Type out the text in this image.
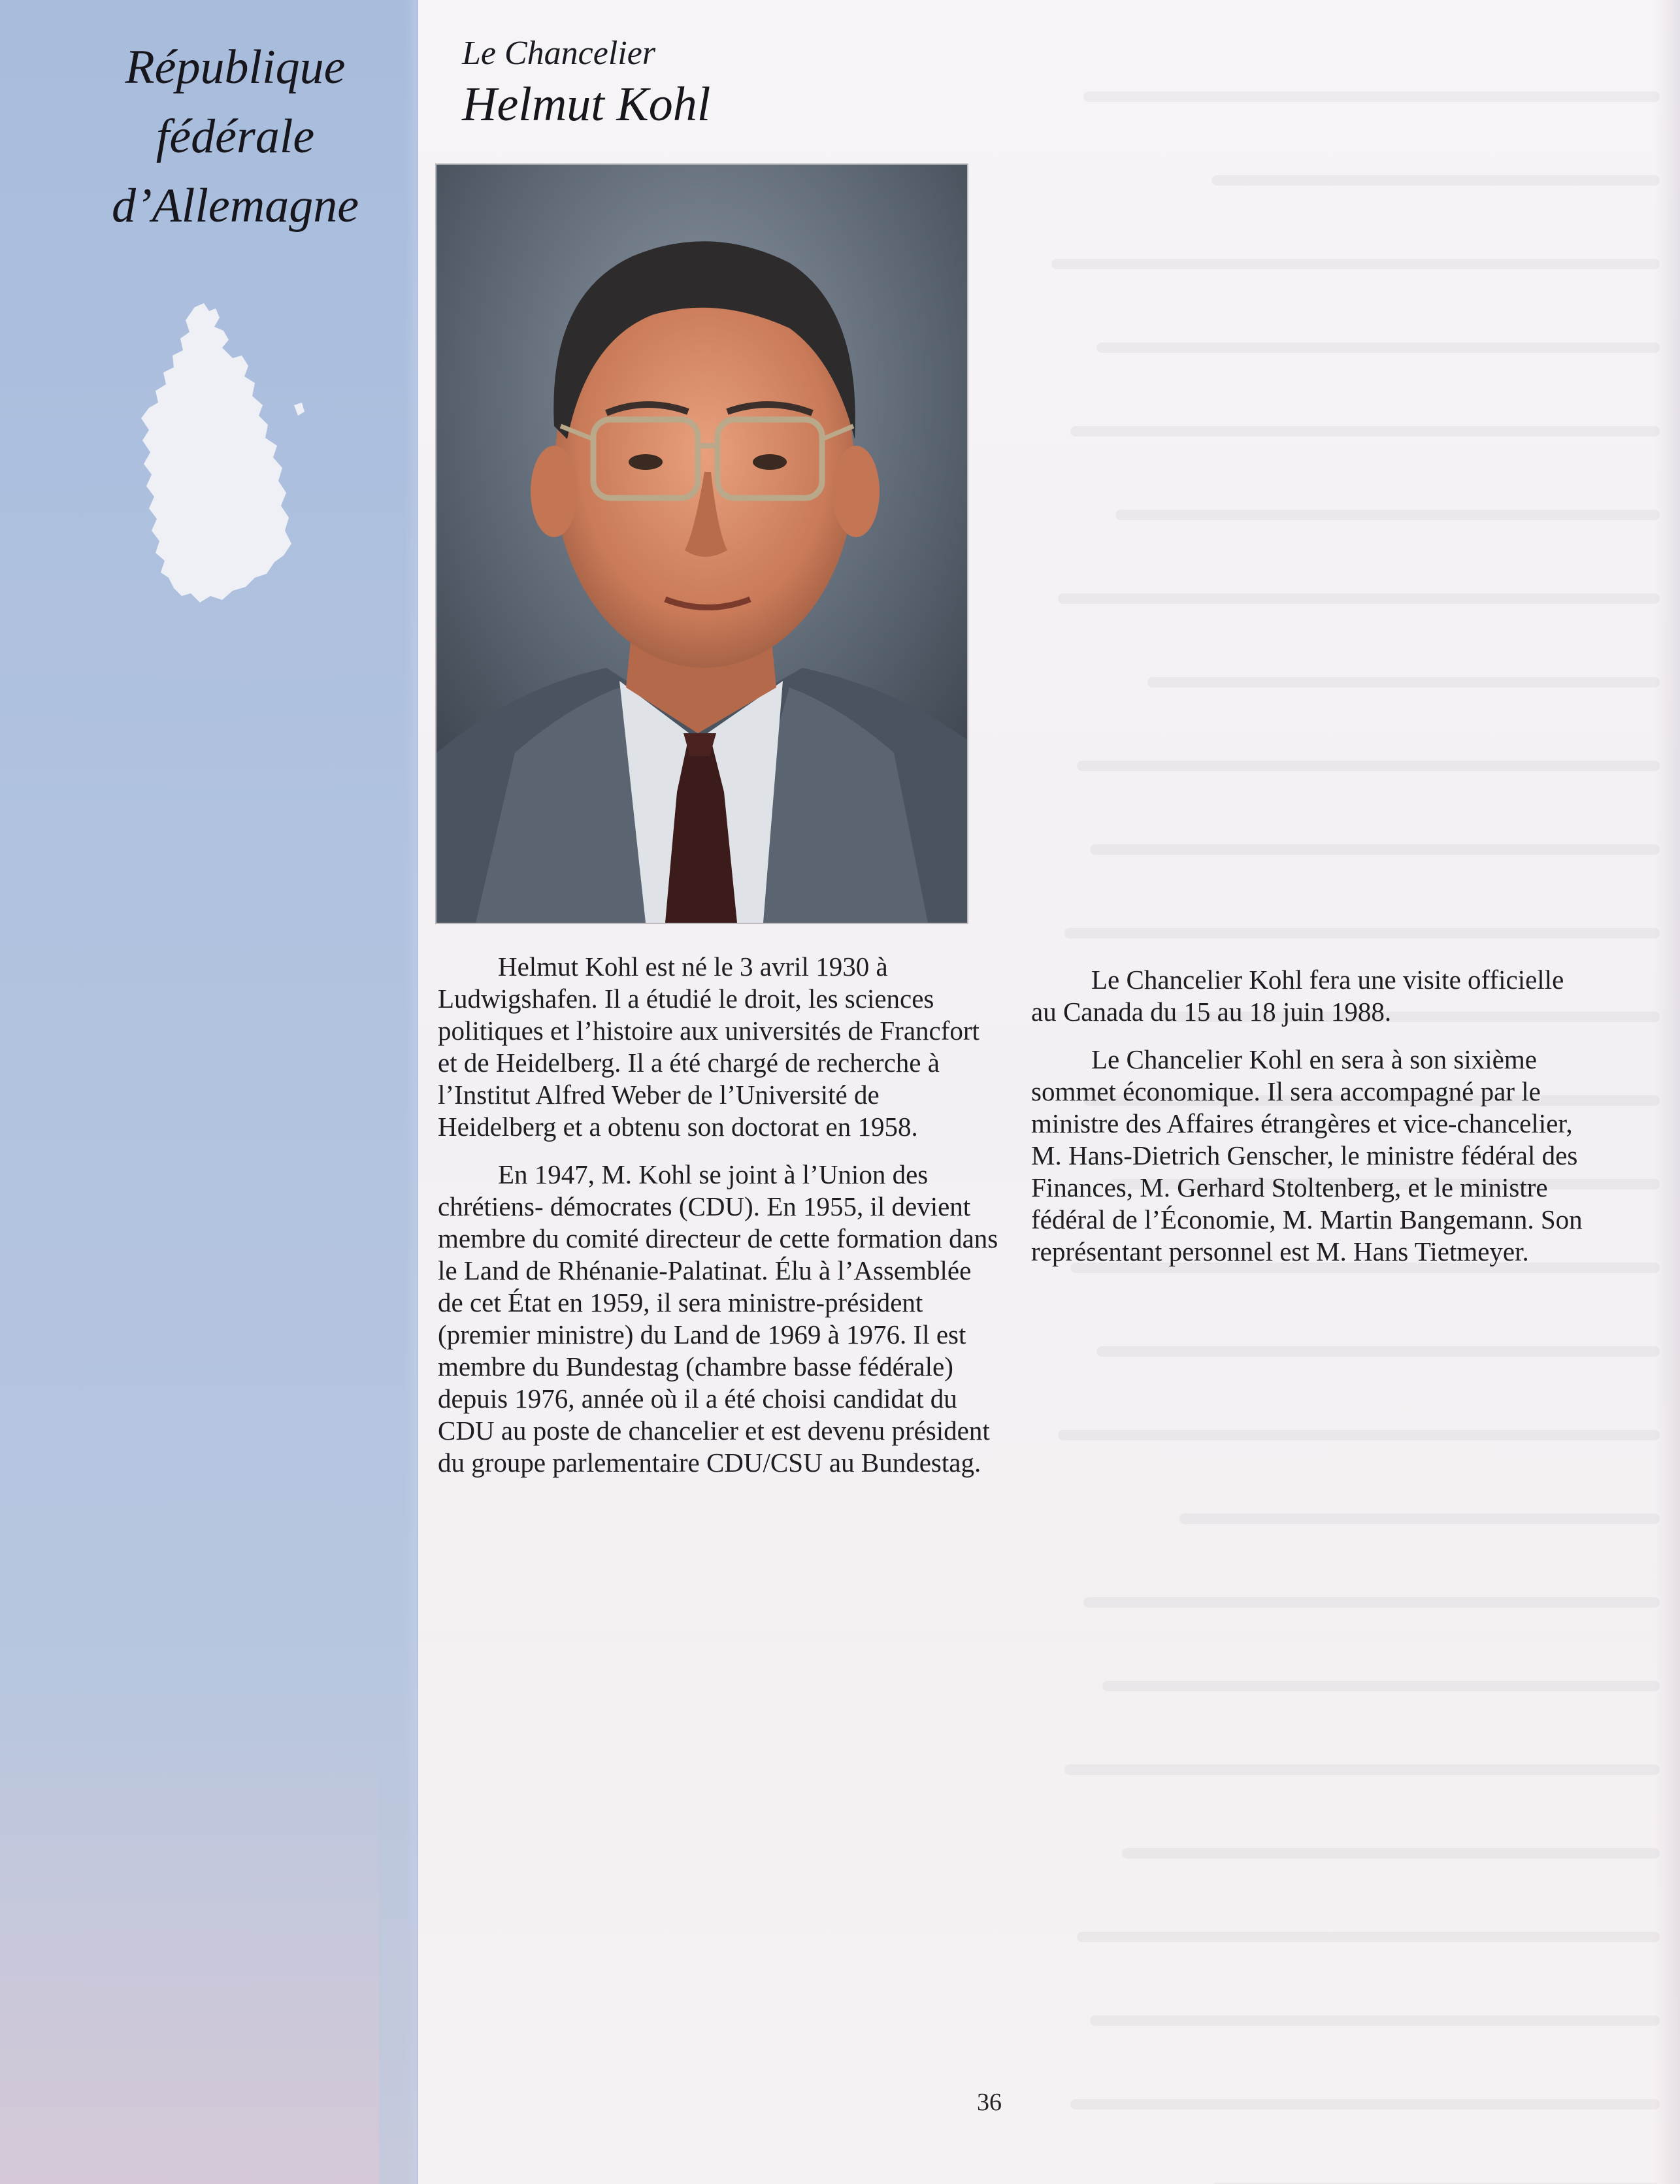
République
fédérale
d’Allemagne

Le Chancelier

Helmut Kohl

Helmut Kohl est né le 3 avril 1930 à Ludwigshafen. Il a étudié le droit, les sciences politiques et l’histoire aux universités de Francfort et de Heidelberg. Il a été chargé de recherche à l’Institut Alfred Weber de l’Université de Heidelberg et a obtenu son doctorat en 1958.

En 1947, M. Kohl se joint à l’Union des chrétiens- démocrates (CDU). En 1955, il devient membre du comité directeur de cette formation dans le Land de Rhénanie-Palatinat. Élu à l’Assemblée de cet État en 1959, il sera ministre-président (premier ministre) du Land de 1969 à 1976. Il est membre du Bundestag (chambre basse fédérale) depuis 1976, année où il a été choisi candidat du CDU au poste de chancelier et est devenu président du groupe parlementaire CDU/CSU au Bundestag.

Le Chancelier Kohl fera une visite officielle au Canada du 15 au 18 juin 1988.

Le Chancelier Kohl en sera à son sixième sommet économique. Il sera accompagné par le ministre des Affaires étrangères et vice-chancelier, M. Hans-Dietrich Genscher, le ministre fédéral des Finances, M. Gerhard Stoltenberg, et le ministre fédéral de l’Économie, M. Martin Bangemann. Son représentant personnel est M. Hans Tietmeyer.

36
